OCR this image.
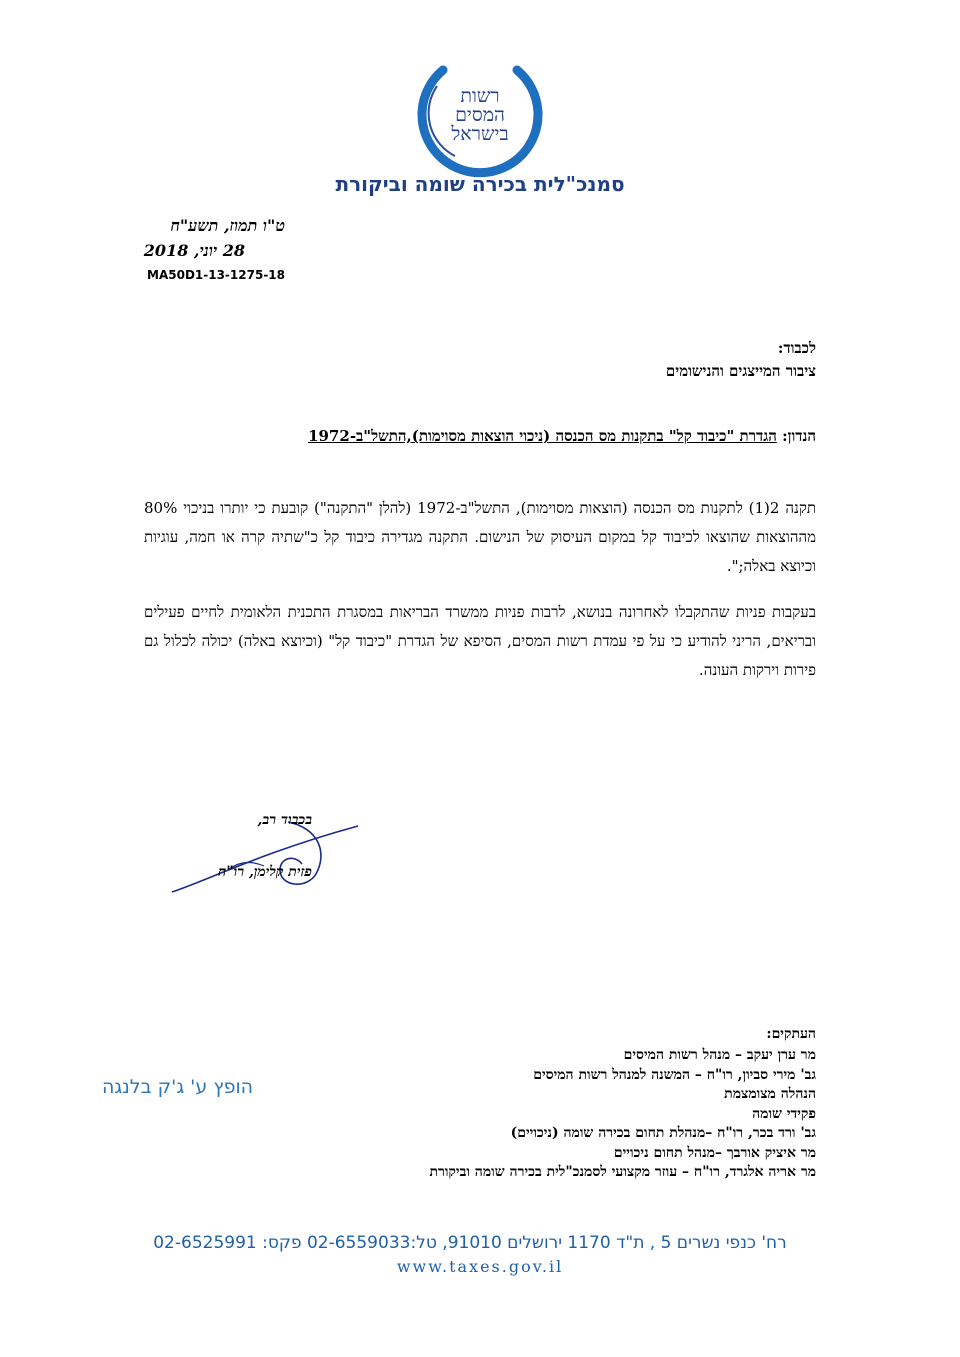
רשות
המסים
בישראל
סמנכ"לית בכירה שומה וביקורת
ט"ו תמוז, תשע"ח
28 יוני, 2018
MA50D1-13-1275-18
לכבוד:
ציבור המייצגים והנישומים
הנדון: הגדרת "כיבוד קל" בתקנות מס הכנסה (ניכוי הוצאות מסוימות),התשל"ב-1972
תקנה 2(1) לתקנות מס הכנסה (הוצאות מסוימות), התשל"ב-1972 (להלן "התקנה") קובעת כי יותרו בניכוי 80% מההוצאות שהוצאו לכיבוד קל במקום העיסוק של הנישום. התקנה מגדירה כיבוד קל כ"שתיה קרה או חמה, עוגיות וכיוצא באלה;".
בעקבות פניות שהתקבלו לאחרונה בנושא, לרבות פניות ממשרד הבריאות במסגרת התכנית הלאומית לחיים פעילים ובריאים, הריני להודיע כי על פי עמדת רשות המסים, הסיפא של הגדרת "כיבוד קל" (וכיוצא באלה) יכולה לכלול גם פירות וירקות העונה.
בכבוד רב,
פזית קלימן, רו"ח
העתקים:
מר ערן יעקב – מנהל רשות המיסים
גב' מירי סביון, רו"ח – המשנה למנהל רשות המיסים
הנהלה מצומצמת
פקידי שומה
גב' ורד בכר, רו"ח –מנהלת תחום בכירה שומה (ניכויים)
מר איציק אורבך –מנהל תחום ניכויים
מר אריה אלגרד, רו"ח – עוזר מקצועי לסמנכ"לית בכירה שומה וביקורת
הופץ ע' ג'ק בלנגה
רח' כנפי נשרים 5 , ת"ד 1170 ירושלים 91010, טל:02-6559033 פקס: 02-6525991
www.taxes.gov.il
